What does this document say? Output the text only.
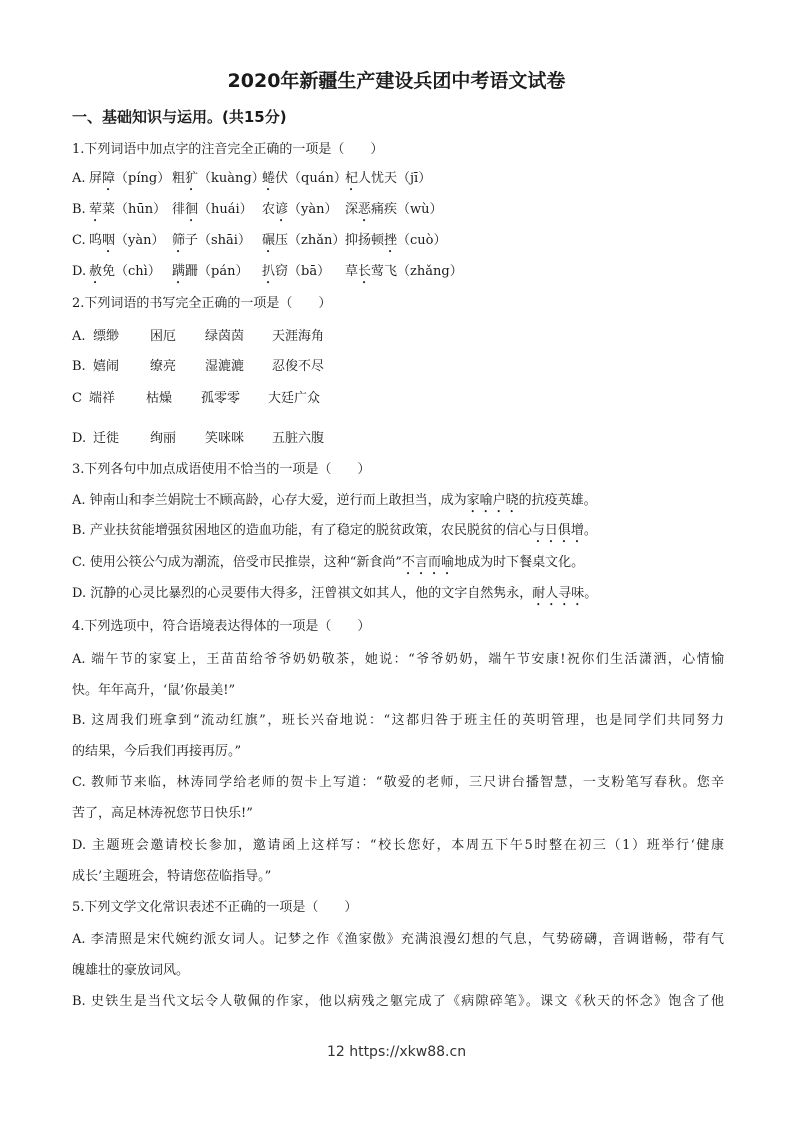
2020年新疆生产建设兵团中考语文试卷
一、基础知识与运用。(共15分)
1.下列词语中加点字的注音完全正确的一项是（　　）
A. 屏障（píng） 粗犷（kuàng）
蜷伏（quán）
杞人忧天（jī）
B. 荤菜（hūn） 徘徊（huái） 农谚（yàn） 深恶痛疾（wù）
C. 呜咽（yàn） 筛子（shāi） 碾压（zhǎn） 抑扬顿挫（cuò）
D. 赦免（chì） 蹒跚（pán） 扒窃（bā） 草长莺飞（zhǎng）
2.下列词语的书写完全正确的一项是（　　）
A. 缥缈 困厄 绿茵茵 天涯海角
B. 嬉闹 缭亮 湿漉漉 忍俊不尽
C 端祥 枯燥 孤零零 大廷广众
D. 迁徙 绚丽 笑咪咪 五脏六腹
3.下列各句中加点成语使用不恰当的一项是（　　）
A. 钟南山和李兰娟院士不顾高龄，心存大爱，逆行而上敢担当，成为家喻户晓的抗疫英雄。
B. 产业扶贫能增强贫困地区的造血功能，有了稳定的脱贫政策，农民脱贫的信心与日俱增。
C. 使用公筷公勺成为潮流，倍受市民推崇，这种“新食尚”不言而喻地成为时下餐桌文化。
D. 沉静的心灵比暴烈的心灵要伟大得多，汪曾祺文如其人，他的文字自然隽永，耐人寻味。
4.下列选项中，符合语境表达得体的一项是（　　）
A. 端午节的家宴上，王苗苗给爷爷奶奶敬茶，她说：“爷爷奶奶，端午节安康!祝你们生活潇洒，心情愉
快。年年高升，‘鼠’你最美!”
B. 这周我们班拿到“流动红旗”，班长兴奋地说：“这都归咎于班主任的英明管理，也是同学们共同努力
的结果，今后我们再接再厉。”
C. 教师节来临，林涛同学给老师的贺卡上写道：“敬爱的老师，三尺讲台播智慧，一支粉笔写春秋。您辛
苦了，高足林涛祝您节日快乐!”
D. 主题班会邀请校长参加，邀请函上这样写：“校长您好，本周五下午5时整在初三（1）班举行‘健康
成长’主题班会，特请您莅临指导。”
5.下列文学文化常识表述不正确的一项是（　　）
A. 李清照是宋代婉约派女词人。记梦之作《渔家傲》充满浪漫幻想的气息，气势磅礴，音调谐畅，带有气
魄雄壮的豪放词风。
B. 史铁生是当代文坛令人敬佩的作家，他以病残之躯完成了《病隙碎笔》。课文《秋天的怀念》饱含了他
12 https://xkw88.cn
